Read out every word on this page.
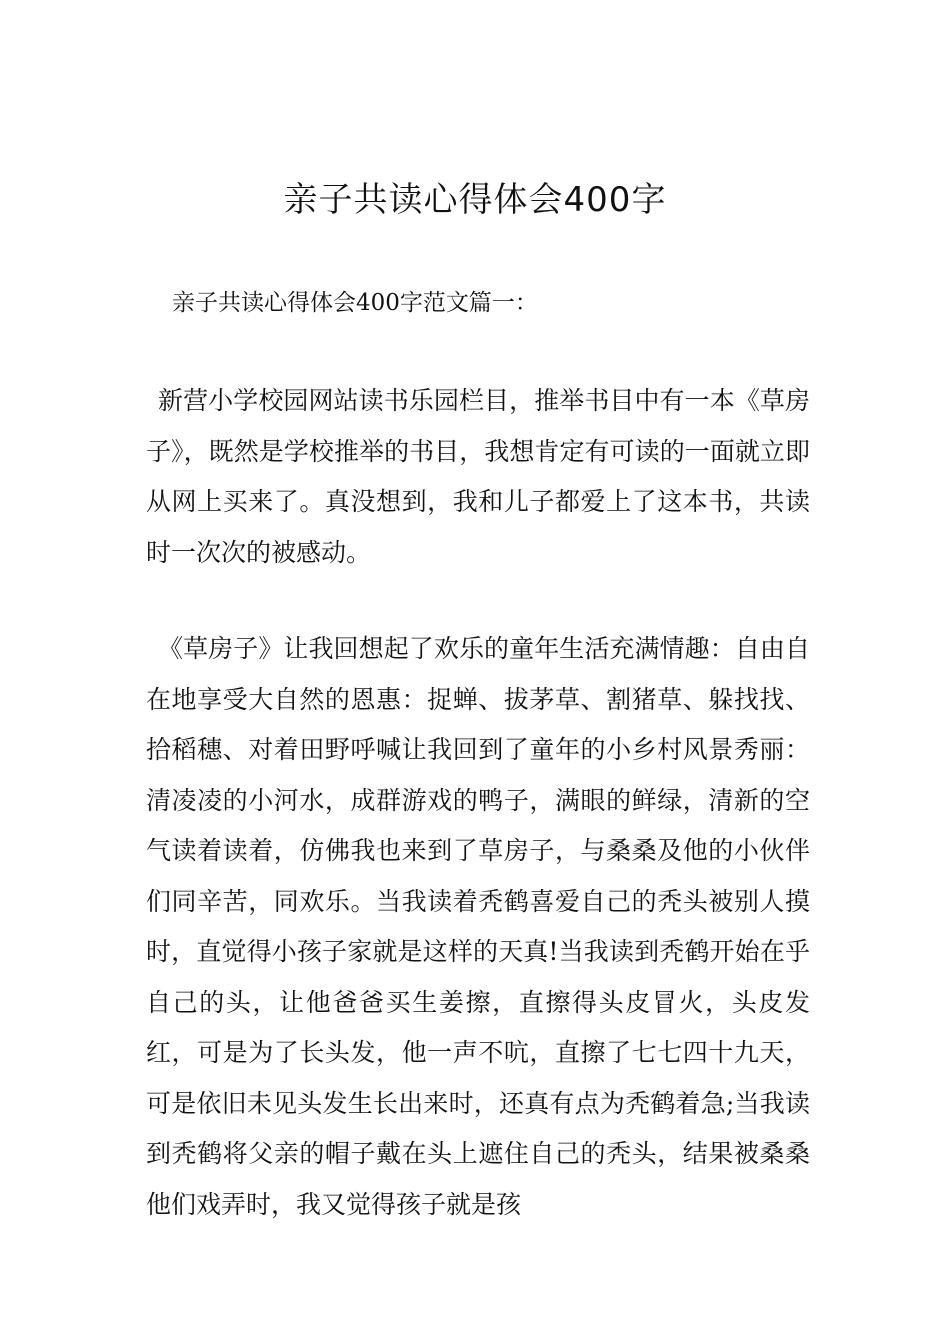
亲子共读心得体会400字
亲子共读心得体会400字范文篇一：

新营小学校园网站读书乐园栏目，推举书目中有一本《草房子》，既然是学校推举的书目，我想肯定有可读的一面就立即从网上买来了。真没想到，我和儿子都爱上了这本书，共读时一次次的被感动。

《草房子》让我回想起了欢乐的童年生活充满情趣：自由自在地享受大自然的恩惠：捉蝉、拔茅草、割猪草、躲找找、拾稻穗、对着田野呼喊让我回到了童年的小乡村风景秀丽：清凌凌的小河水，成群游戏的鸭子，满眼的鲜绿，清新的空气读着读着，仿佛我也来到了草房子，与桑桑及他的小伙伴们同辛苦，同欢乐。当我读着秃鹤喜爱自己的秃头被别人摸时，直觉得小孩子家就是这样的天真!当我读到秃鹤开始在乎自己的头，让他爸爸买生姜擦，直擦得头皮冒火，头皮发红，可是为了长头发，他一声不吭，直擦了七七四十九天，可是依旧未见头发生长出来时，还真有点为秃鹤着急;当我读到秃鹤将父亲的帽子戴在头上遮住自己的秃头，结果被桑桑他们戏弄时，我又觉得孩子就是孩
